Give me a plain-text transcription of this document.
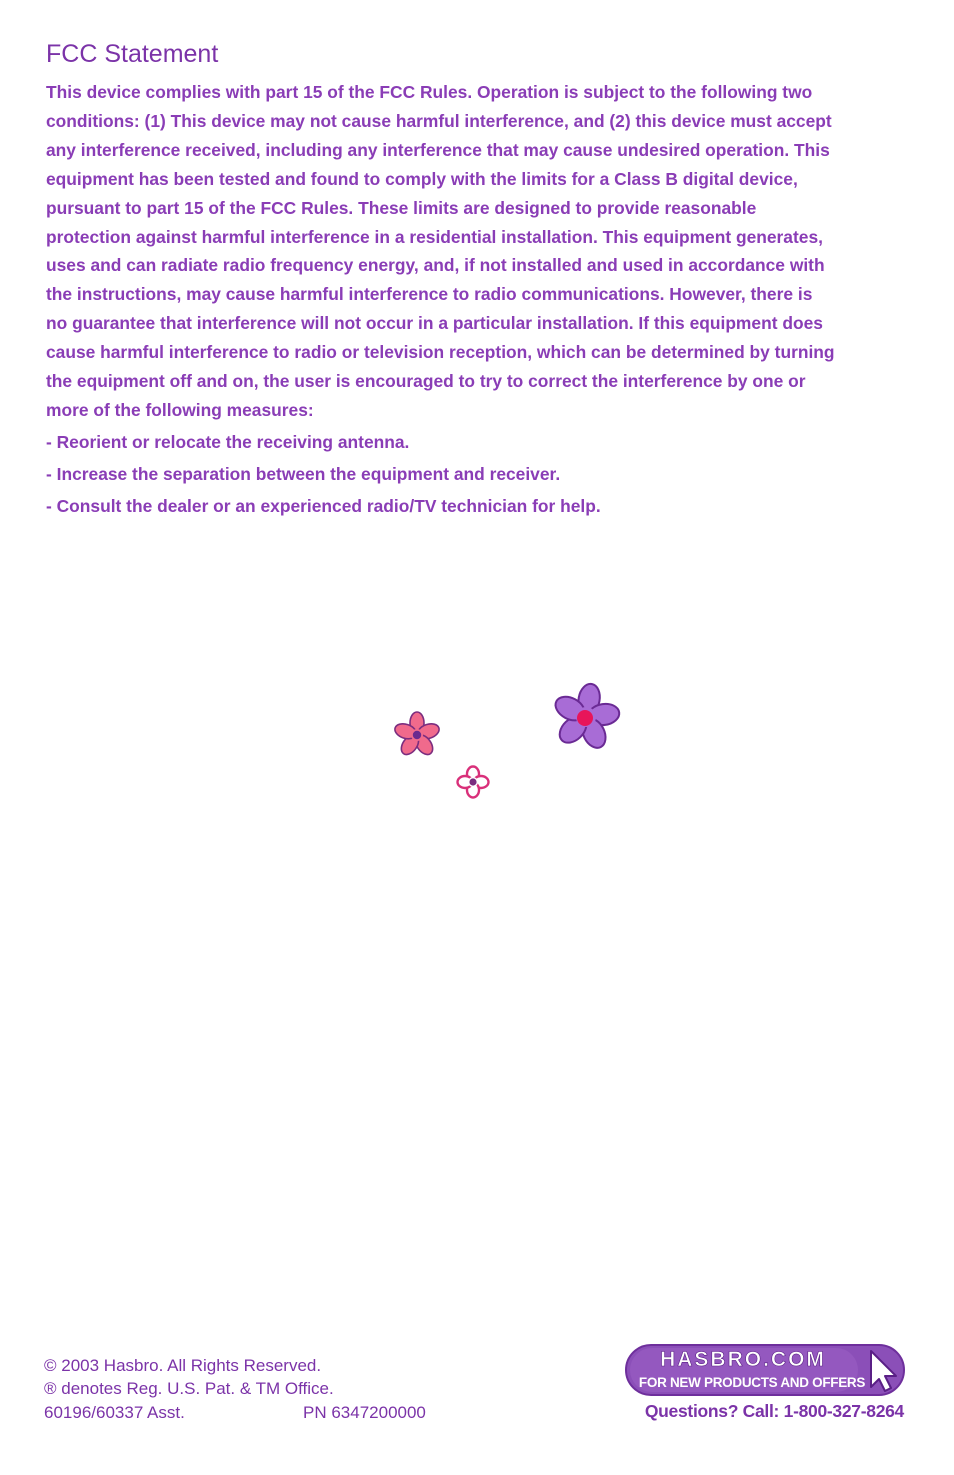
FCC Statement

This device complies with part 15 of the FCC Rules. Operation is subject to the following two
conditions: (1) This device may not cause harmful interference, and (2) this device must accept
any interference received, including any interference that may cause undesired operation. This
equipment has been tested and found to comply with the limits for a Class B digital device,
pursuant to part 15 of the FCC Rules. These limits are designed to provide reasonable
protection against harmful interference in a residential installation. This equipment generates,
uses and can radiate radio frequency energy, and, if not installed and used in accordance with
the instructions, may cause harmful interference to radio communications. However, there is
no guarantee that interference will not occur in a particular installation. If this equipment does
cause harmful interference to radio or television reception, which can be determined by turning
the equipment off and on, the user is encouraged to try to correct the interference by one or
more of the following measures:

- Reorient or relocate the receiving antenna.
- Increase the separation between the equipment and receiver.
- Consult the dealer or an experienced radio/TV technician for help.
© 2003 Hasbro. All Rights Reserved.
® denotes Reg. U.S. Pat. & TM Office.
60196/60337 Asst.	PN 6347200000
HASBRO.COM
FOR NEW PRODUCTS AND OFFERS
Questions? Call: 1-800-327-8264
